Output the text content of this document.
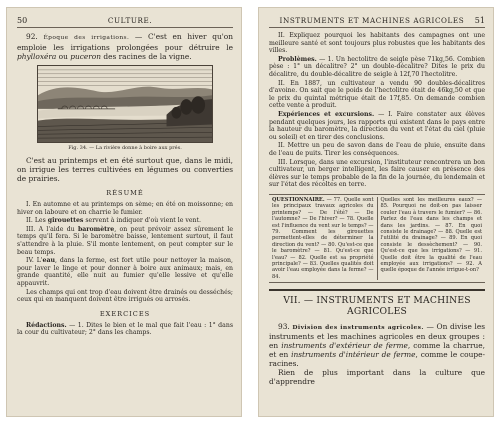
50	CULTURE.

92. Époque des irrigations. — C'est en hiver qu'on emploie les irrigations prolongées pour détruire le phylloxéra ou puceron des racines de la vigne.

Fig. 34. — La rivière donne à boire aux prés.

C'est au printemps et en été surtout que, dans le midi, on irrigue les terres cultivées en légumes ou converties de prairies.

RÉSUMÉ

I. En automne et au printemps on sème; en été on moissonne; en hiver on laboure et on charrie le fumier.

II. Les girouettes servent à indiquer d'où vient le vent.

III. A l'aide du baromètre, on peut prévoir assez sûrement le temps qu'il fera. Si le baromètre baisse, lentement surtout, il faut s'attendre à la pluie. S'il monte lentement, on peut compter sur le beau temps.

IV. L'eau, dans la ferme, est fort utile pour nettoyer la maison, pour laver le linge et pour donner à boire aux animaux; mais, en grande quantité, elle nuit au fumier qu'elle lessive et qu'elle appauvrit.

Les champs qui ont trop d'eau doivent être drainés ou desséchés; ceux qui en manquent doivent être irrigués ou arrosés.

EXERCICES

Rédactions. — 1. Dites le bien et le mal que fait l'eau : 1° dans la cour du cultivateur; 2° dans les champs.

INSTRUMENTS ET MACHINES AGRICOLES 51

II. Expliquez pourquoi les habitants des campagnes ont une meilleure santé et sont toujours plus robustes que les habitants des villes.

Problèmes. — 1. Un hectolitre de seigle pèse 71kg,56. Combien pèse : 1° un décalitre? 2° un double-décalitre? Dites le prix du décalitre, du double-décalitre de seigle à 12f,70 l'hectolitre.

II. En 1887, un cultivateur a vendu 90 doubles-décalitres d'avoine. On sait que le poids de l'hectolitre était de 46kg,50 et que le prix du quintal métrique était de 17f,85. On demande combien cette vente a produit.

Expériences et excursions. — I. Faire constater aux élèves pendant quelques jours, les rapports qui existent dans le pays entre la hauteur du baromètre, la direction du vent et l'état du ciel (pluie ou soleil) et en tirer des conclusions.

II. Mettre un peu de savon dans de l'eau de pluie, ensuite dans de l'eau de puits. Tirer les conséquences.

III. Lorsque, dans une excursion, l'instituteur rencontrera un bon cultivateur, un berger intelligent, les faire causer en présence des élèves sur le temps probable de la fin de la journée, du lendemain et sur l'état des récoltes en terre.

QUESTIONNAIRE. — 77. Quelle sont les principaux travaux agricoles du printemps? — De l'été? — De l'automne? — De l'hiver? — 78. Quelle est l'influence du vent sur le temps? — 79. Comment les girouettes permettent-elles de déterminer la direction du vent? — 80. Qu'est-ce que le baromètre? — 81. Qu'est-ce que l'eau? — 82. Quelle est sa propriété principale? — 83. Quelles qualités doit avoir l'eau employée dans la ferme? — 84.
Quelles sont les meilleures eaux? — 85. Pourquoi ne doit-on pas laisser couler l'eau à travers le fumier? — 86. Parlez de l'eau dans les champs et dans les jardins. — 87. En quoi consiste le drainage? — 88. Quelle est l'utilité du drainage? — 89. En quoi consiste le dessèchement? — 90. Qu'est-ce que les irrigations? — 91. Quelle doit être la qualité de l'eau employée aux irrigations? — 92. A quelle époque de l'année irrigue-t-on?
VII. — INSTRUMENTS ET MACHINES AGRICOLES

93. Division des instruments agricoles. — On divise les instruments et les machines agricoles en deux groupes : en instruments d'extérieur de ferme, comme la charrue, et en instruments d'intérieur de ferme, comme le coupe-racines.

Rien de plus important dans la culture que d'apprendre
